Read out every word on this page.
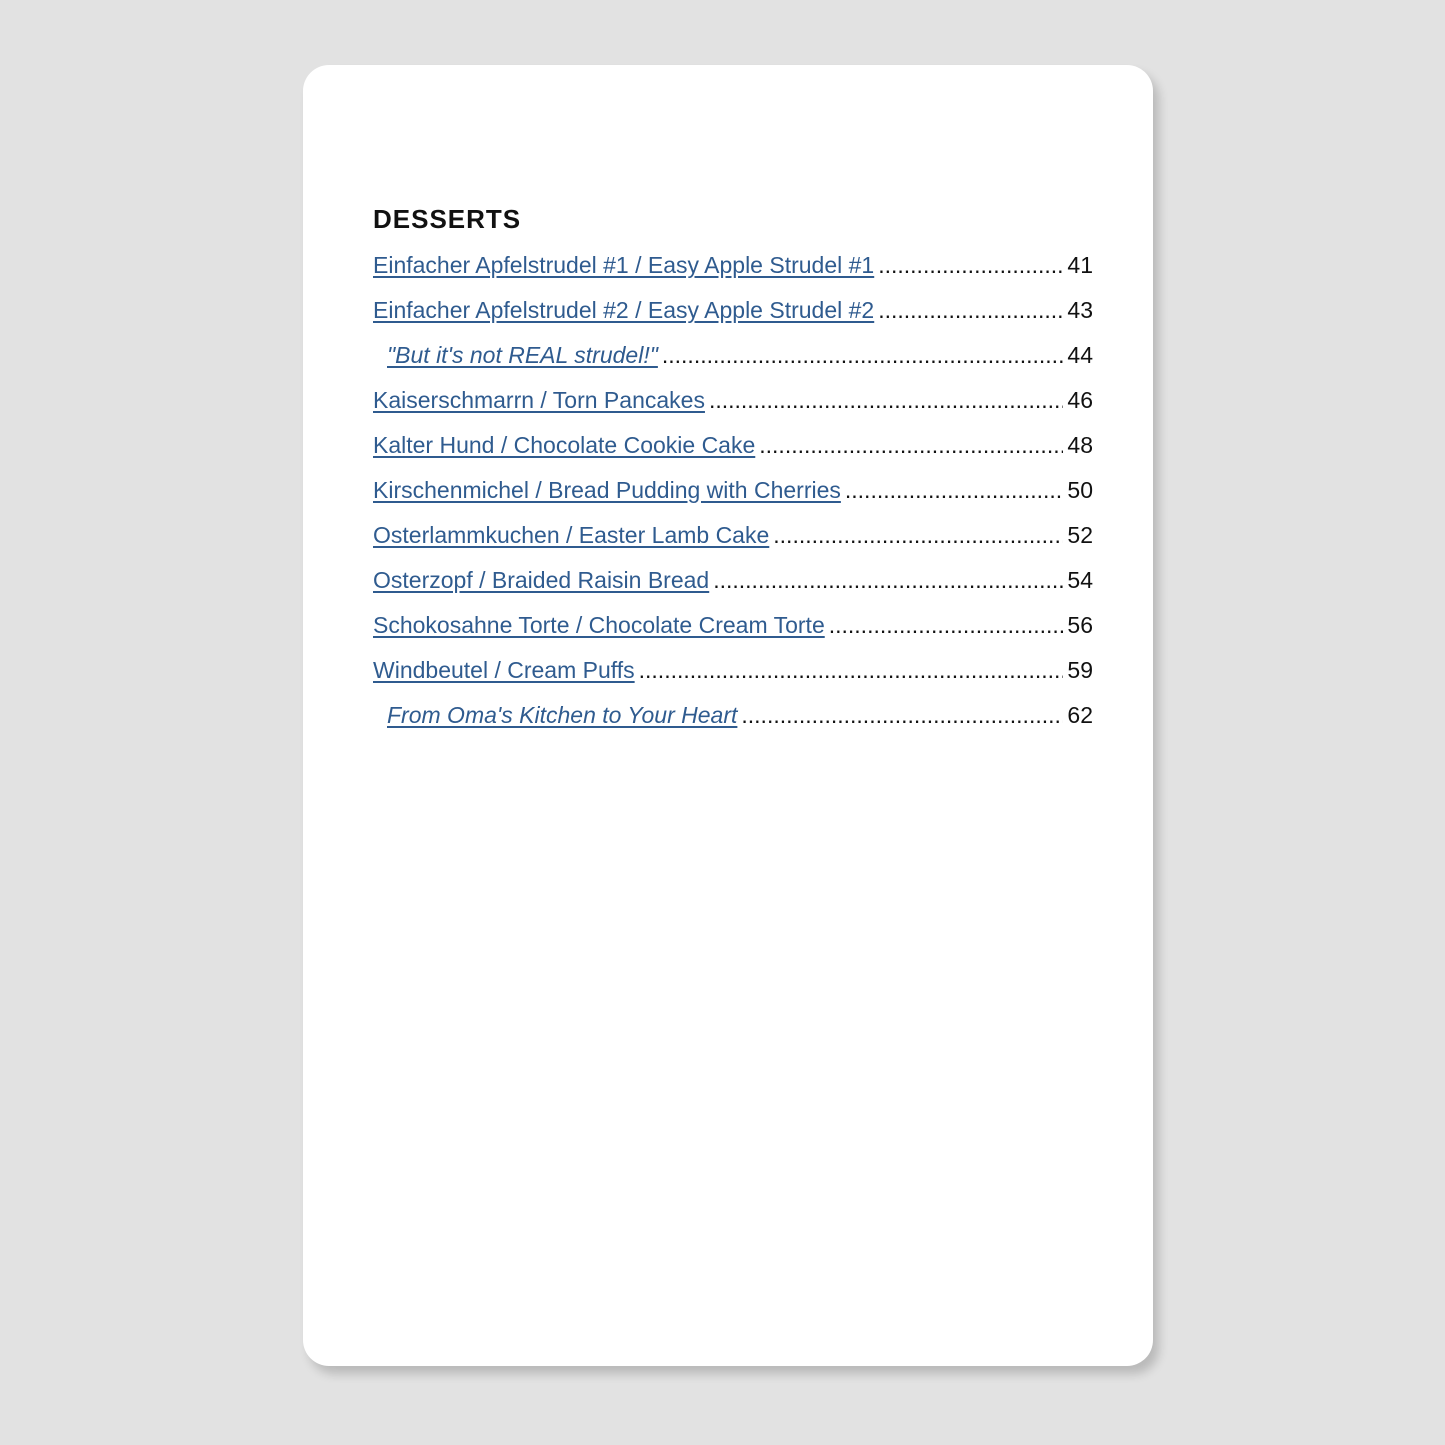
DESSERTS
Einfacher Apfelstrudel #1 / Easy Apple Strudel #1 .....	41
Einfacher Apfelstrudel #2 / Easy Apple Strudel #2 .....	43
"But it's not REAL strudel!" .....	44
Kaiserschmarrn / Torn Pancakes .....	46
Kalter Hund / Chocolate Cookie Cake .....	48
Kirschenmichel / Bread Pudding with Cherries .....	50
Osterlammkuchen / Easter Lamb Cake .....	52
Osterzopf / Braided Raisin Bread .....	54
Schokosahne Torte / Chocolate Cream Torte .....	56
Windbeutel / Cream Puffs .....	59
From Oma's Kitchen to Your Heart .....	62
